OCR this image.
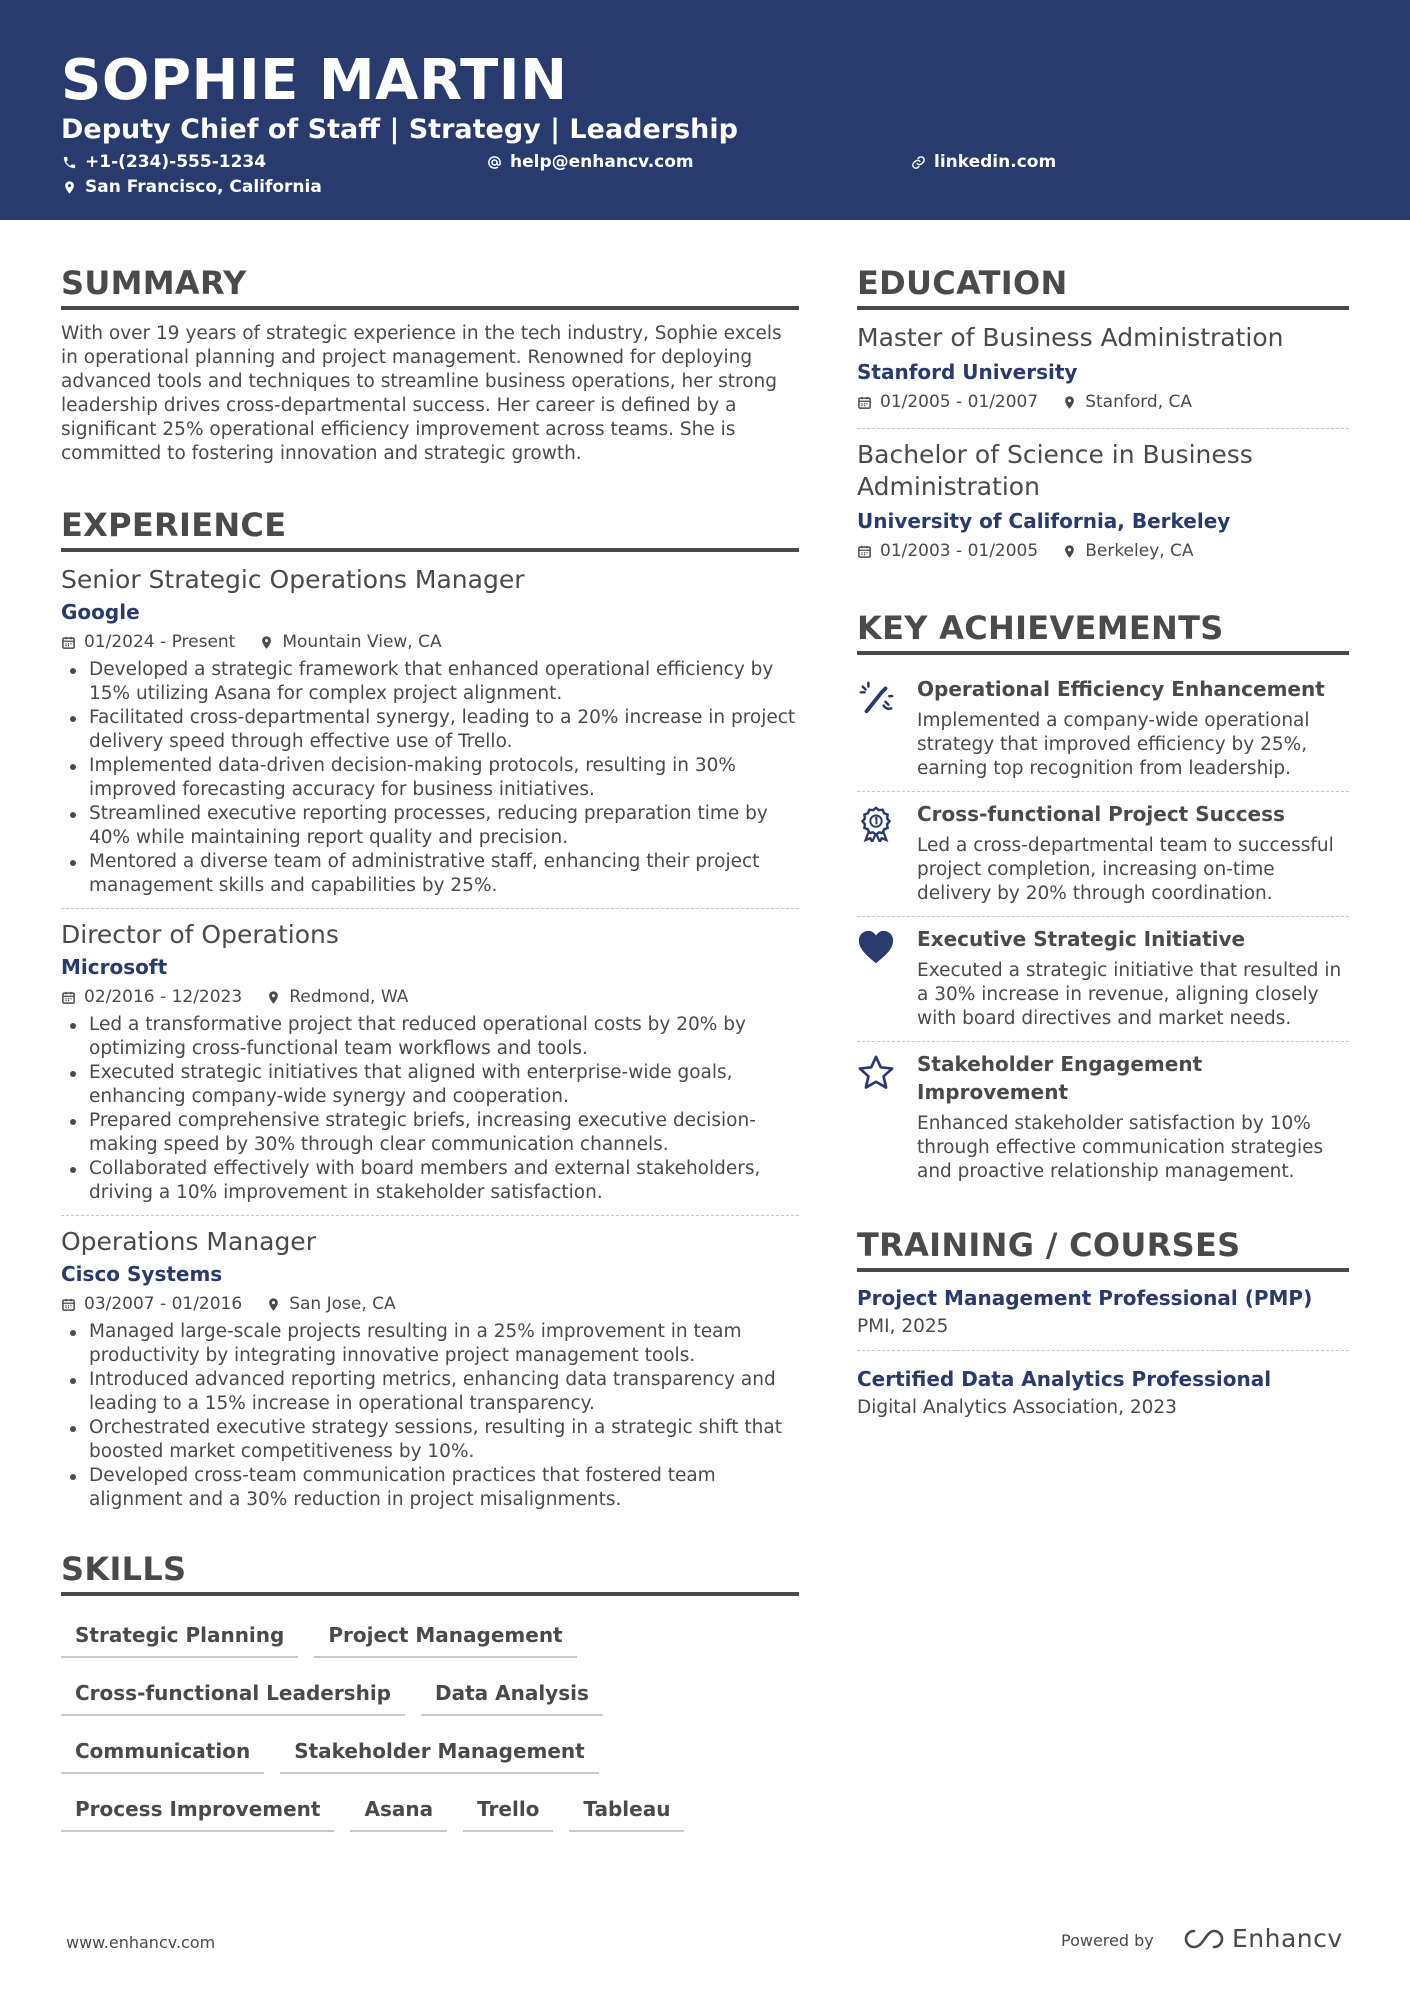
SOPHIE MARTIN
Deputy Chief of Staff | Strategy | Leadership
+1-(234)-555-1234	help@enhancv.com	linkedin.com
San Francisco, California
SUMMARY

With over 19 years of strategic experience in the tech industry, Sophie excels in operational planning and project management. Renowned for deploying advanced tools and techniques to streamline business operations, her strong leadership drives cross-departmental success. Her career is defined by a significant 25% operational efficiency improvement across teams. She is committed to fostering innovation and strategic growth.

EXPERIENCE
Senior Strategic Operations Manager
Google
01/2024 - Present	Mountain View, CA
Developed a strategic framework that enhanced operational efficiency by 15% utilizing Asana for complex project alignment.
Facilitated cross-departmental synergy, leading to a 20% increase in project delivery speed through effective use of Trello.
Implemented data-driven decision-making protocols, resulting in 30% improved forecasting accuracy for business initiatives.
Streamlined executive reporting processes, reducing preparation time by 40% while maintaining report quality and precision.
Mentored a diverse team of administrative staff, enhancing their project management skills and capabilities by 25%.
Director of Operations
Microsoft
02/2016 - 12/2023	Redmond, WA
Led a transformative project that reduced operational costs by 20% by optimizing cross-functional team workflows and tools.
Executed strategic initiatives that aligned with enterprise-wide goals, enhancing company-wide synergy and cooperation.
Prepared comprehensive strategic briefs, increasing executive decision-making speed by 30% through clear communication channels.
Collaborated effectively with board members and external stakeholders, driving a 10% improvement in stakeholder satisfaction.
Operations Manager
Cisco Systems
03/2007 - 01/2016	San Jose, CA
Managed large-scale projects resulting in a 25% improvement in team productivity by integrating innovative project management tools.
Introduced advanced reporting metrics, enhancing data transparency and leading to a 15% increase in operational transparency.
Orchestrated executive strategy sessions, resulting in a strategic shift that boosted market competitiveness by 10%.
Developed cross-team communication practices that fostered team alignment and a 30% reduction in project misalignments.
SKILLS
Strategic Planning	Project Management
Cross-functional Leadership	Data Analysis
Communication	Stakeholder Management
Process Improvement	Asana	Trello	Tableau
EDUCATION
Master of Business Administration
Stanford University
01/2005 - 01/2007	Stanford, CA
Bachelor of Science in Business Administration
University of California, Berkeley
01/2003 - 01/2005	Berkeley, CA
KEY ACHIEVEMENTS
Operational Efficiency Enhancement
Implemented a company-wide operational strategy that improved efficiency by 25%, earning top recognition from leadership.
Cross-functional Project Success
Led a cross-departmental team to successful project completion, increasing on-time delivery by 20% through coordination.
Executive Strategic Initiative
Executed a strategic initiative that resulted in a 30% increase in revenue, aligning closely with board directives and market needs.
Stakeholder Engagement Improvement
Enhanced stakeholder satisfaction by 10% through effective communication strategies and proactive relationship management.
TRAINING / COURSES
Project Management Professional (PMP)
PMI, 2025
Certified Data Analytics Professional
Digital Analytics Association, 2023
www.enhancv.com	Powered by	Enhancv
